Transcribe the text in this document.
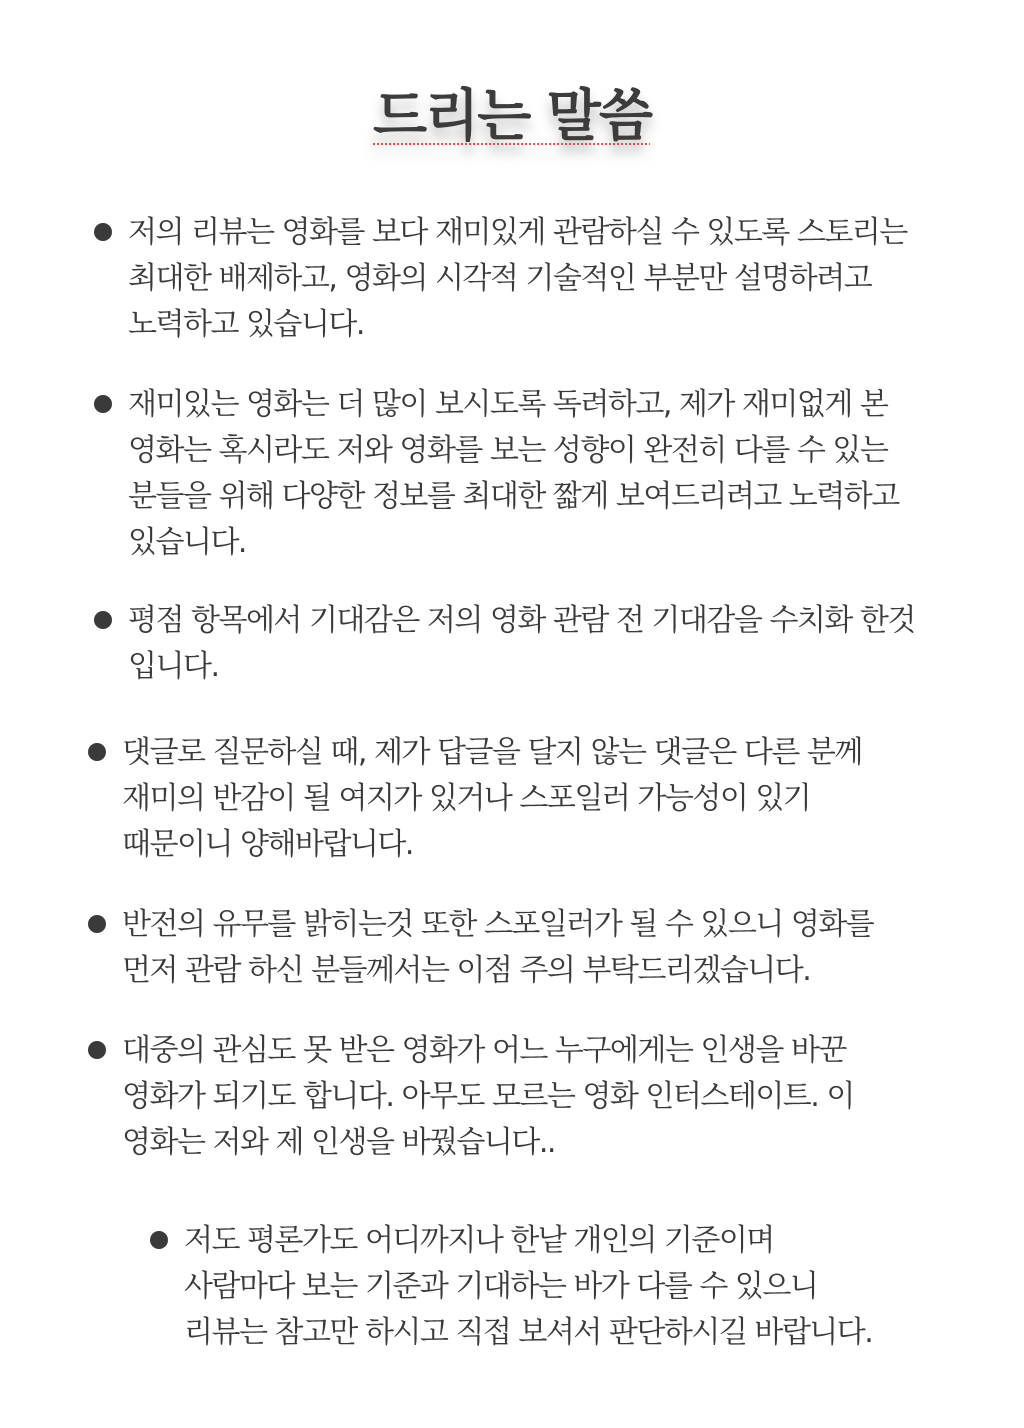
드리는 말씀
저의 리뷰는 영화를 보다 재미있게 관람하실 수 있도록 스토리는 최대한 배제하고, 영화의 시각적 기술적인 부분만 설명하려고 노력하고 있습니다.
재미있는 영화는 더 많이 보시도록 독려하고, 제가 재미없게 본 영화는 혹시라도 저와 영화를 보는 성향이 완전히 다를 수 있는 분들을 위해 다양한 정보를 최대한 짧게 보여드리려고 노력하고 있습니다.
평점 항목에서 기대감은 저의 영화 관람 전 기대감을 수치화 한것 입니다.
댓글로 질문하실 때, 제가 답글을 달지 않는 댓글은 다른 분께 재미의 반감이 될 여지가 있거나 스포일러 가능성이 있기 때문이니 양해바랍니다.
반전의 유무를 밝히는것 또한 스포일러가 될 수 있으니 영화를 먼저 관람 하신 분들께서는 이점 주의 부탁드리겠습니다.
대중의 관심도 못 받은 영화가 어느 누구에게는 인생을 바꾼 영화가 되기도 합니다. 아무도 모르는 영화 인터스테이트. 이 영화는 저와 제 인생을 바꿨습니다..
저도 평론가도 어디까지나 한낱 개인의 기준이며 사람마다 보는 기준과 기대하는 바가 다를 수 있으니 리뷰는 참고만 하시고 직접 보셔서 판단하시길 바랍니다.
